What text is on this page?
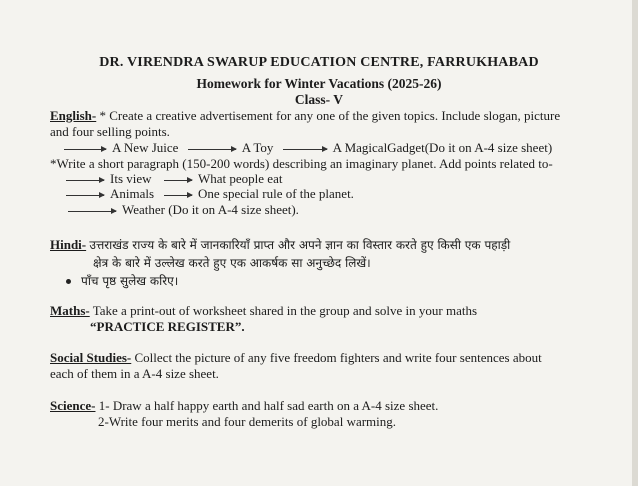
DR. VIRENDRA SWARUP EDUCATION CENTRE, FARRUKHABAD
Homework for Winter Vacations (2025-26)
Class- V
English- * Create a creative advertisement for any one of the given topics. Include slogan, picture
and four selling points.
A New Juice	A Toy	A MagicalGadget(Do it on A-4 size sheet)
*Write a short paragraph (150-200 words) describing an imaginary planet. Add points related to-
Its view	What people eat
Animals	One special rule of the planet.
Weather (Do it on A-4 size sheet).
Hindi- उत्तराखंड राज्य के बारे में जानकारियाँ प्राप्त और अपने ज्ञान का विस्तार करते हुए किसी एक पहाड़ी
क्षेत्र के बारे में उल्लेख करते हुए एक आकर्षक सा अनुच्छेद लिखें।
पाँच पृष्ठ सुलेख करिए।
Maths- Take a print-out of worksheet shared in the group and solve in your maths
“PRACTICE REGISTER”.
Social Studies- Collect the picture of any five freedom fighters and write four sentences about
each of them in a A-4 size sheet.
Science- 1- Draw a half happy earth and half sad earth on a A-4 size sheet.
2-Write four merits and four demerits of global warming.
